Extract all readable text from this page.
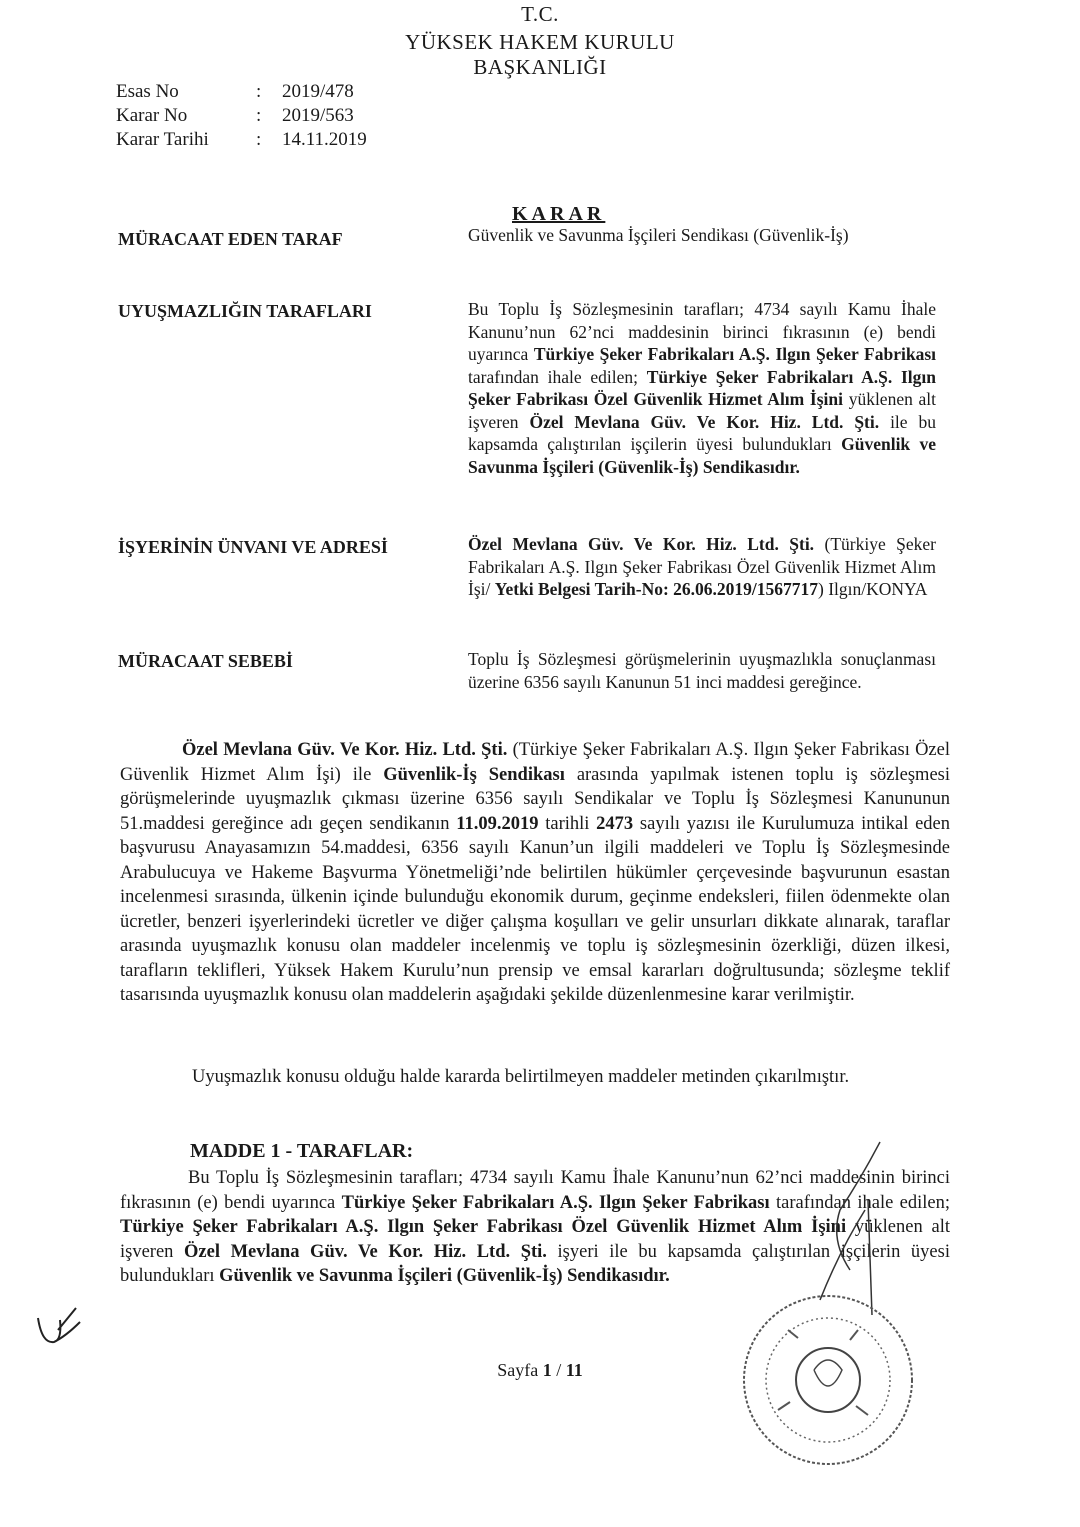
T.C.
YÜKSEK HAKEM KURULU
BAŞKANLIĞI
Esas No	:	2019/478
Karar No	:	2019/563
Karar Tarihi	:	14.11.2019
KARAR
MÜRACAAT EDEN TARAF	Güvenlik ve Savunma İşçileri Sendikası (Güvenlik-İş)
UYUŞMAZLIĞIN TARAFLARI	Bu Toplu İş Sözleşmesinin tarafları; 4734 sayılı Kamu İhale Kanunu’nun 62’nci maddesinin birinci fıkrasının (e) bendi uyarınca Türkiye Şeker Fabrikaları A.Ş. Ilgın Şeker Fabrikası tarafından ihale edilen; Türkiye Şeker Fabrikaları A.Ş. Ilgın Şeker Fabrikası Özel Güvenlik Hizmet Alım İşini yüklenen alt işveren Özel Mevlana Güv. Ve Kor. Hiz. Ltd. Şti. ile bu kapsamda çalıştırılan işçilerin üyesi bulundukları Güvenlik ve Savunma İşçileri (Güvenlik-İş) Sendikasıdır.
İŞYERİNİN ÜNVANI VE ADRESİ	Özel Mevlana Güv. Ve Kor. Hiz. Ltd. Şti. (Türkiye Şeker Fabrikaları A.Ş. Ilgın Şeker Fabrikası Özel Güvenlik Hizmet Alım İşi/ Yetki Belgesi Tarih-No: 26.06.2019/1567717) Ilgın/KONYA
MÜRACAAT SEBEBİ	Toplu İş Sözleşmesi görüşmelerinin uyuşmazlıkla sonuçlanması üzerine 6356 sayılı Kanunun 51 inci maddesi gereğince.
Özel Mevlana Güv. Ve Kor. Hiz. Ltd. Şti. (Türkiye Şeker Fabrikaları A.Ş. Ilgın Şeker Fabrikası Özel Güvenlik Hizmet Alım İşi) ile Güvenlik-İş Sendikası arasında yapılmak istenen toplu iş sözleşmesi görüşmelerinde uyuşmazlık çıkması üzerine 6356 sayılı Sendikalar ve Toplu İş Sözleşmesi Kanununun 51.maddesi gereğince adı geçen sendikanın 11.09.2019 tarihli 2473 sayılı yazısı ile Kurulumuza intikal eden başvurusu Anayasamızın 54.maddesi, 6356 sayılı Kanun’un ilgili maddeleri ve Toplu İş Sözleşmesinde Arabulucuya ve Hakeme Başvurma Yönetmeliği’nde belirtilen hükümler çerçevesinde başvurunun esastan incelenmesi sırasında, ülkenin içinde bulunduğu ekonomik durum, geçinme endeksleri, fiilen ödenmekte olan ücretler, benzeri işyerlerindeki ücretler ve diğer çalışma koşulları ve gelir unsurları dikkate alınarak, taraflar arasında uyuşmazlık konusu olan maddeler incelenmiş ve toplu iş sözleşmesinin özerkliği, düzen ilkesi, tarafların teklifleri, Yüksek Hakem Kurulu’nun prensip ve emsal kararları doğrultusunda; sözleşme teklif tasarısında uyuşmazlık konusu olan maddelerin aşağıdaki şekilde düzenlenmesine karar verilmiştir.
Uyuşmazlık konusu olduğu halde kararda belirtilmeyen maddeler metinden çıkarılmıştır.
MADDE 1 - TARAFLAR:
Bu Toplu İş Sözleşmesinin tarafları; 4734 sayılı Kamu İhale Kanunu’nun 62’nci maddesinin birinci fıkrasının (e) bendi uyarınca Türkiye Şeker Fabrikaları A.Ş. Ilgın Şeker Fabrikası tarafından ihale edilen; Türkiye Şeker Fabrikaları A.Ş. Ilgın Şeker Fabrikası Özel Güvenlik Hizmet Alım İşini yüklenen alt işveren Özel Mevlana Güv. Ve Kor. Hiz. Ltd. Şti. işyeri ile bu kapsamda çalıştırılan işçilerin üyesi bulundukları Güvenlik ve Savunma İşçileri (Güvenlik-İş) Sendikasıdır.
Sayfa 1 / 11
